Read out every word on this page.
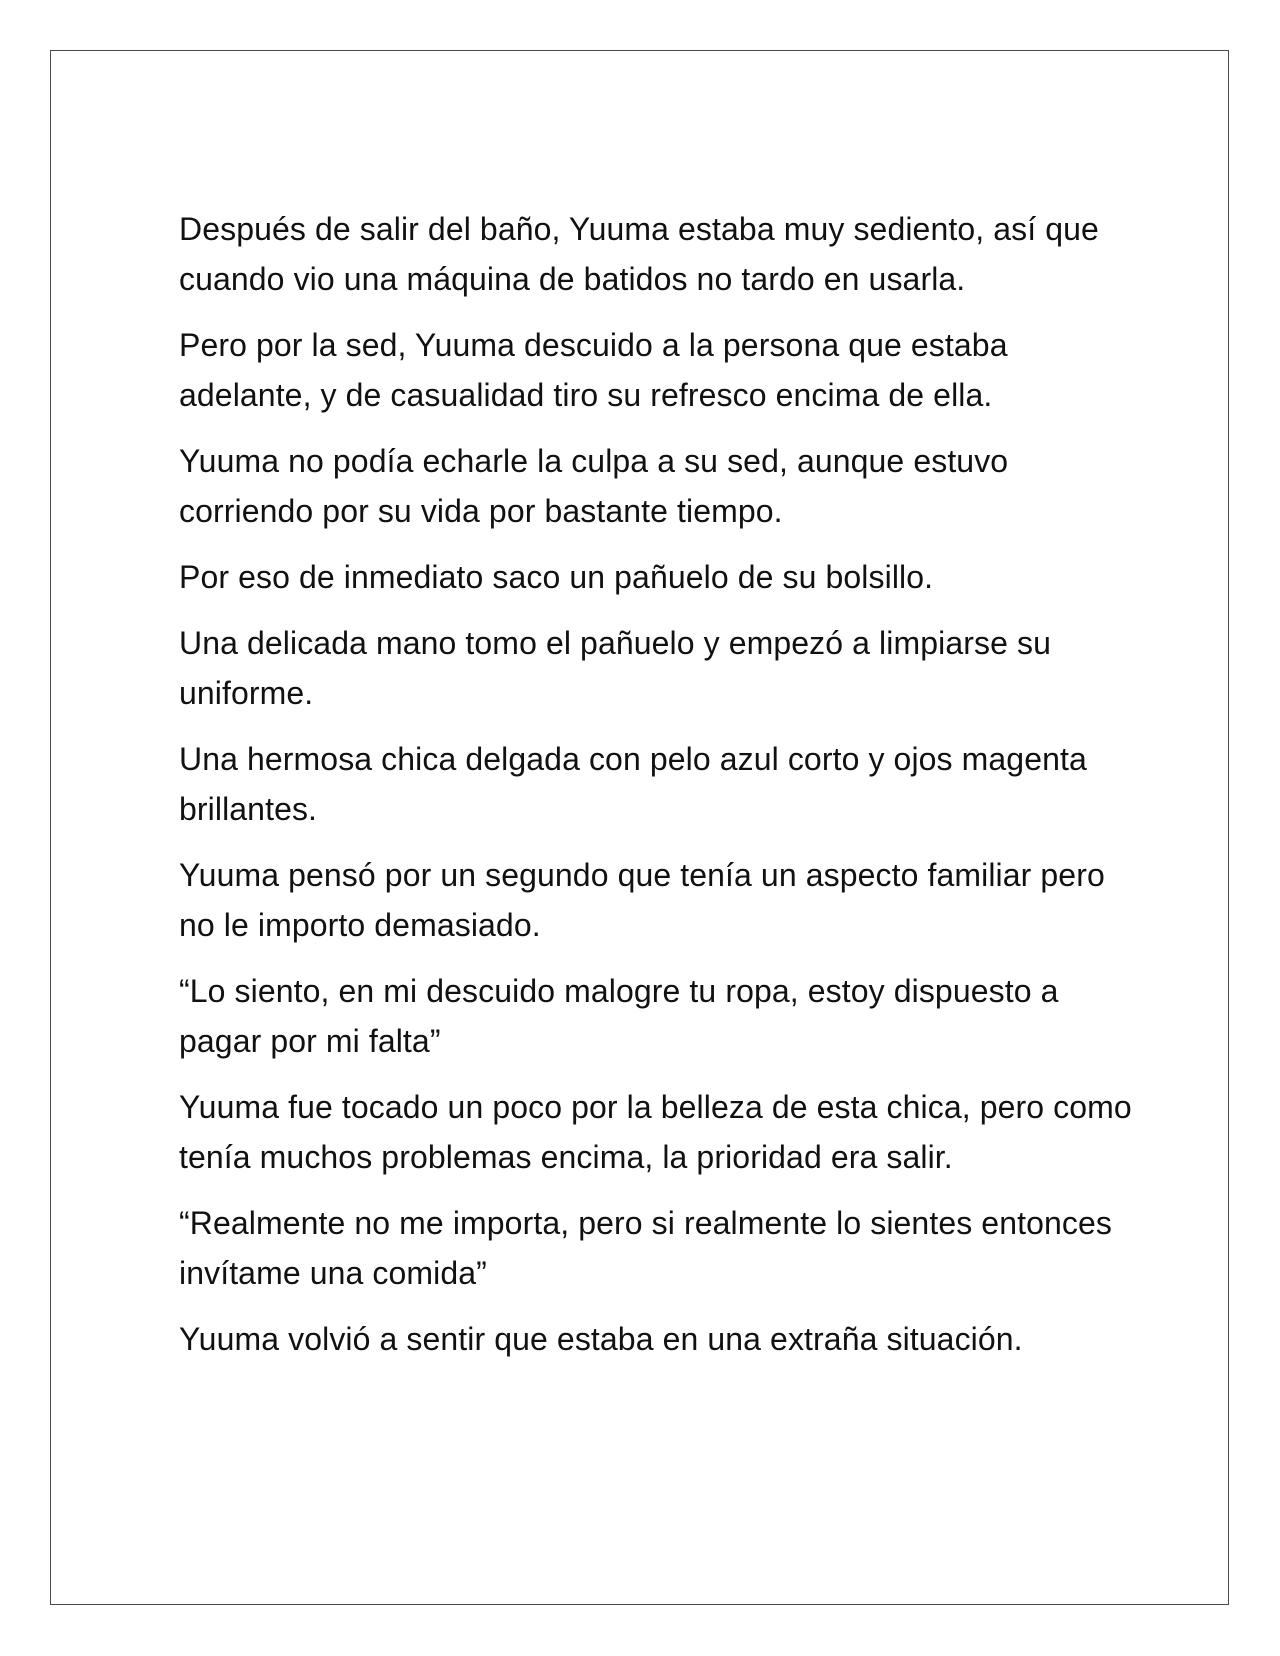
Después de salir del baño, Yuuma estaba muy sediento, así que cuando vio una máquina de batidos no tardo en usarla.

Pero por la sed, Yuuma descuido a la persona que estaba adelante, y de casualidad tiro su refresco encima de ella.

Yuuma no podía echarle la culpa a su sed, aunque estuvo corriendo por su vida por bastante tiempo.

Por eso de inmediato saco un pañuelo de su bolsillo.

Una delicada mano tomo el pañuelo y empezó a limpiarse su uniforme.

Una hermosa chica delgada con pelo azul corto y ojos magenta brillantes.

Yuuma pensó por un segundo que tenía un aspecto familiar pero no le importo demasiado.

“Lo siento, en mi descuido malogre tu ropa, estoy dispuesto a pagar por mi falta”

Yuuma fue tocado un poco por la belleza de esta chica, pero como tenía muchos problemas encima, la prioridad era salir.

“Realmente no me importa, pero si realmente lo sientes entonces invítame una comida”

Yuuma volvió a sentir que estaba en una extraña situación.
